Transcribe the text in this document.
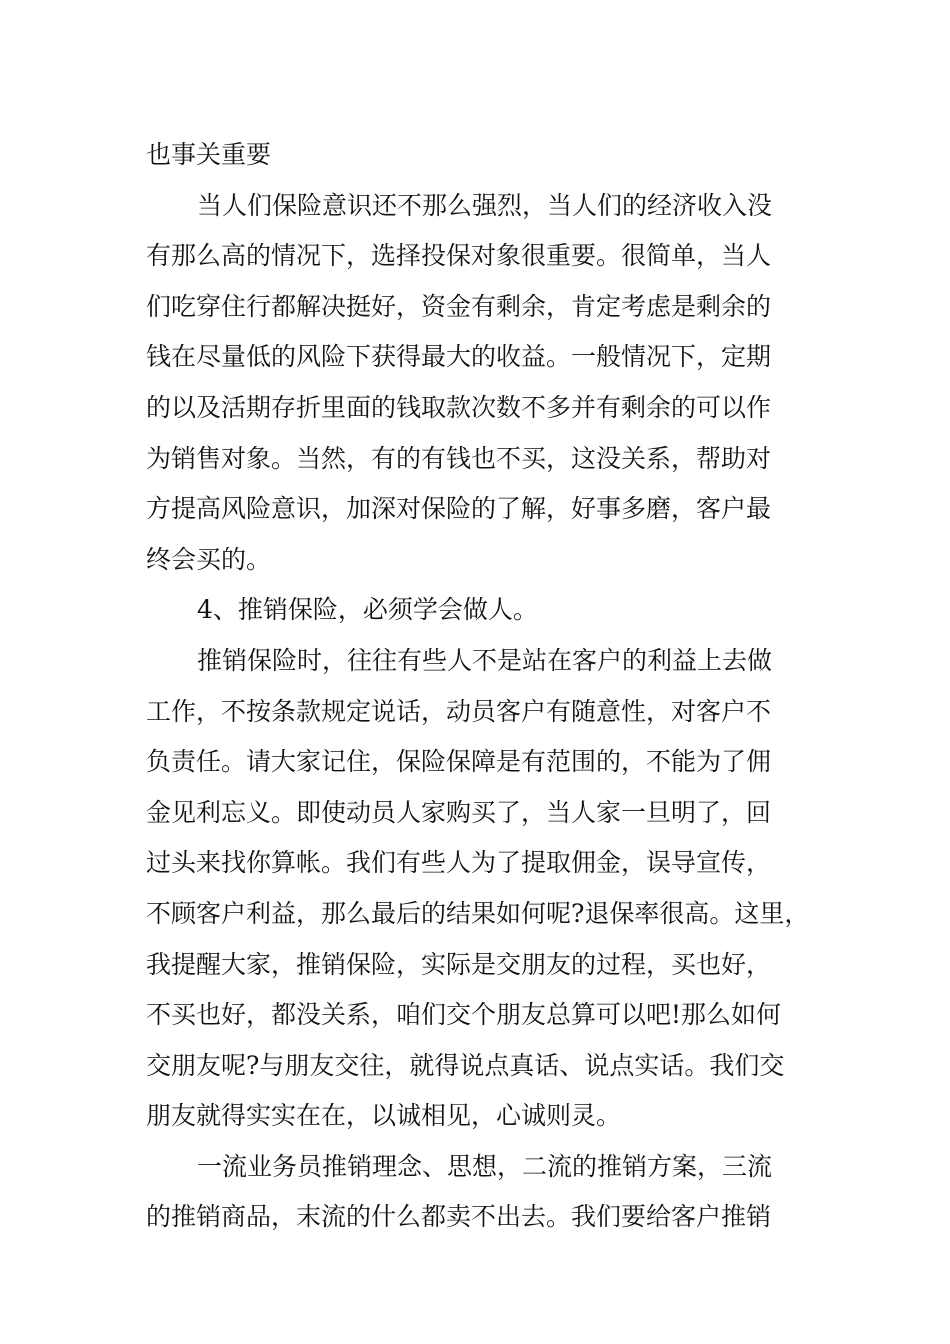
也事关重要
当人们保险意识还不那么强烈，当人们的经济收入没
有那么高的情况下，选择投保对象很重要。很简单，当人
们吃穿住行都解决挺好，资金有剩余，肯定考虑是剩余的
钱在尽量低的风险下获得最大的收益。一般情况下，定期
的以及活期存折里面的钱取款次数不多并有剩余的可以作
为销售对象。当然，有的有钱也不买，这没关系，帮助对
方提高风险意识，加深对保险的了解，好事多磨，客户最
终会买的。
4、推销保险，必须学会做人。
推销保险时，往往有些人不是站在客户的利益上去做
工作，不按条款规定说话，动员客户有随意性，对客户不
负责任。请大家记住，保险保障是有范围的，不能为了佣
金见利忘义。即使动员人家购买了，当人家一旦明了，回
过头来找你算帐。我们有些人为了提取佣金，误导宣传，
不顾客户利益，那么最后的结果如何呢?退保率很高。这里，
我提醒大家，推销保险，实际是交朋友的过程，买也好，
不买也好，都没关系，咱们交个朋友总算可以吧!那么如何
交朋友呢?与朋友交往，就得说点真话、说点实话。我们交
朋友就得实实在在，以诚相见，心诚则灵。
一流业务员推销理念、思想，二流的推销方案，三流
的推销商品，末流的什么都卖不出去。我们要给客户推销
